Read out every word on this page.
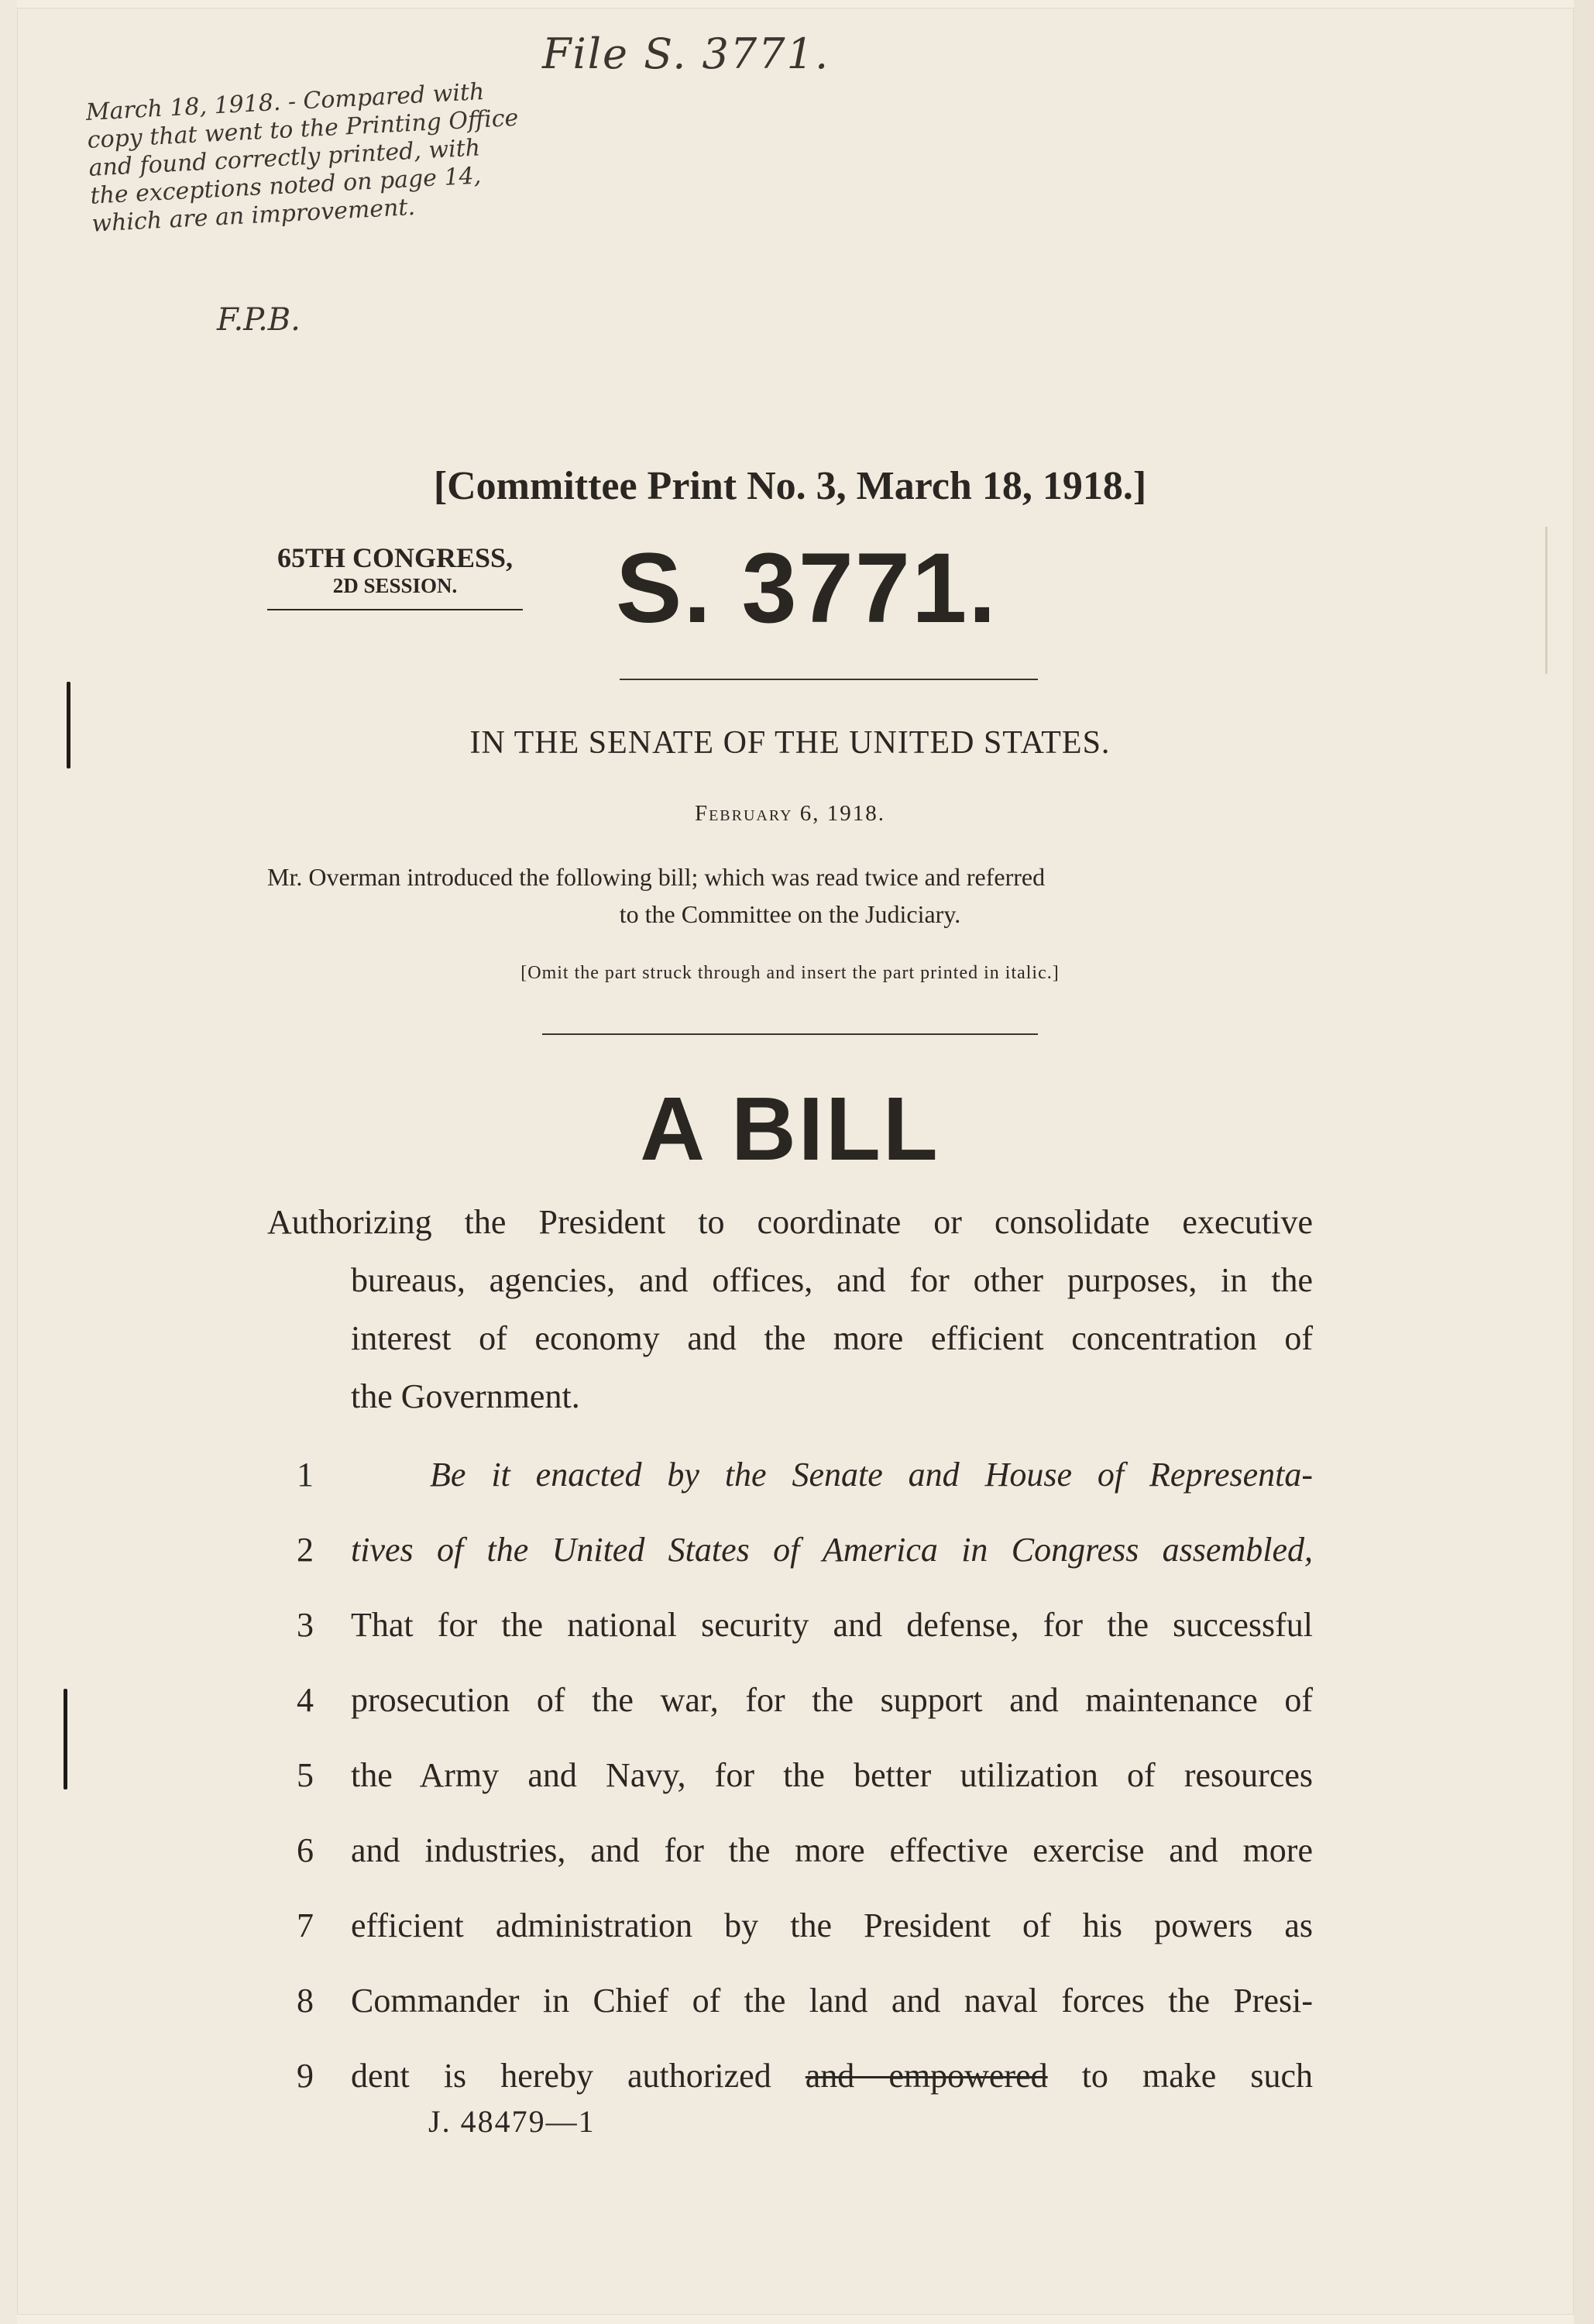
File S. 3771.
March 18, 1918. - Compared with copy that went to the Printing Office and found correctly printed, with the exceptions noted on page 14, which are an improvement.
F.P.B.
[Committee Print No. 3, March 18, 1918.]
65TH CONGRESS,
2D SESSION.	S. 3771.
IN THE SENATE OF THE UNITED STATES.
February 6, 1918.
Mr. Overman introduced the following bill; which was read twice and referred
to the Committee on the Judiciary.
[Omit the part struck through and insert the part printed in italic.]
A BILL
Authorizing the President to coordinate or consolidate executive
bureaus, agencies, and offices, and for other purposes, in the
interest of economy and the more efficient concentration of
the Government.
1	Be it enacted by the Senate and House of Representa-
2 tives of the United States of America in Congress assembled,
3 That for the national security and defense, for the successful
4 prosecution of the war, for the support and maintenance of
5 the Army and Navy, for the better utilization of resources
6 and industries, and for the more effective exercise and more
7 efficient administration by the President of his powers as
8 Commander in Chief of the land and naval forces the Presi-
9 dent is hereby authorized and empowered to make such
J. 48479—1
